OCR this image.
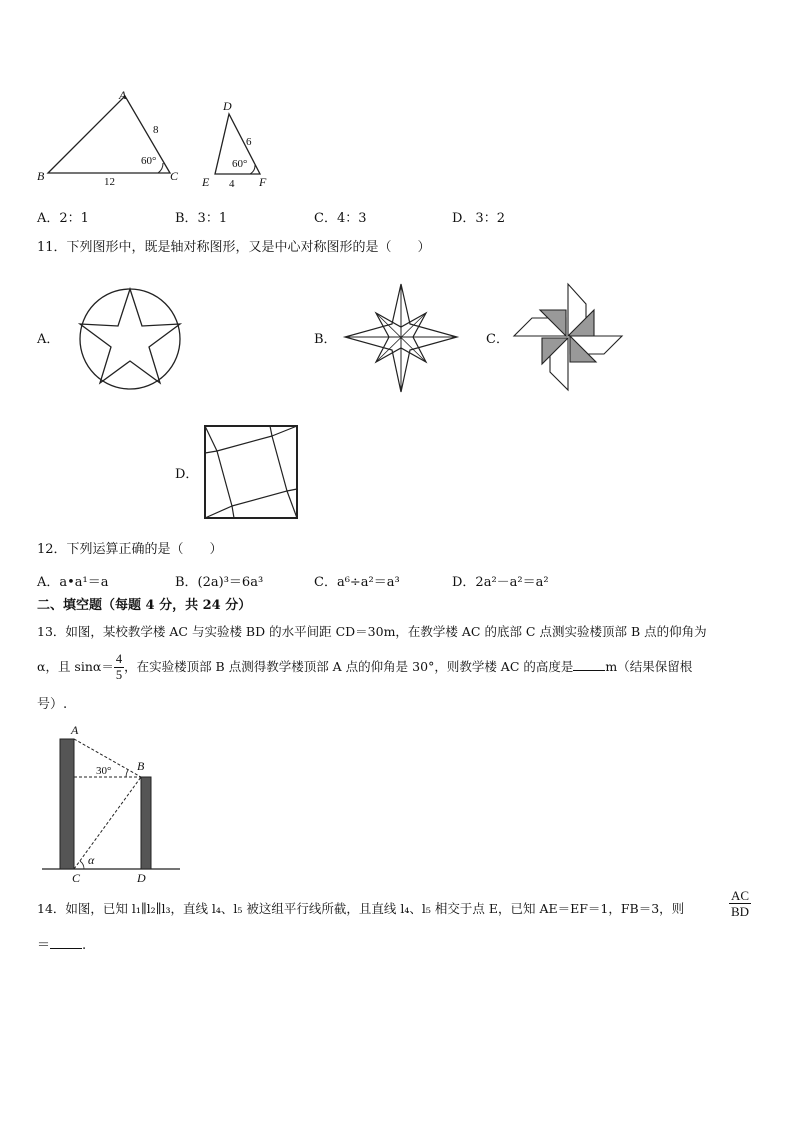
A
B	C
8
12
60°
D
E	F
6
4
60°
A．2：1	B．3：1	C．4：3	D．3：2
11．下列图形中，既是轴对称图形，又是中心对称图形的是（　　）
A．	B．	C．
D．
12．下列运算正确的是（　　）
A．a•a¹＝a	B．(2a)³＝6a³	C．a⁶÷a²＝a³	D．2a²－a²＝a²
二、填空题（每题 4 分，共 24 分）
13．如图，某校教学楼 AC 与实验楼 BD 的水平间距 CD＝30m，在教学楼 AC 的底部 C 点测实验楼顶部 B 点的仰角为
α，且 $\sin\alpha= \frac{4}{5}$ ，在实验楼顶部 B 点测得教学楼顶部 A 点的仰角是 30°，则教学楼 AC 的高度是	m（结果保留根
号）.
A
B
C	D
30°
α
14．如图，已知 l₁∥l₂∥l₃，直线 l₄、l₅ 被这组平行线所截，且直线 l₄、l₅ 相交于点 E，已知 AE＝EF＝1，FB＝3，则	$\frac{AC}{BD}$
＝ .
